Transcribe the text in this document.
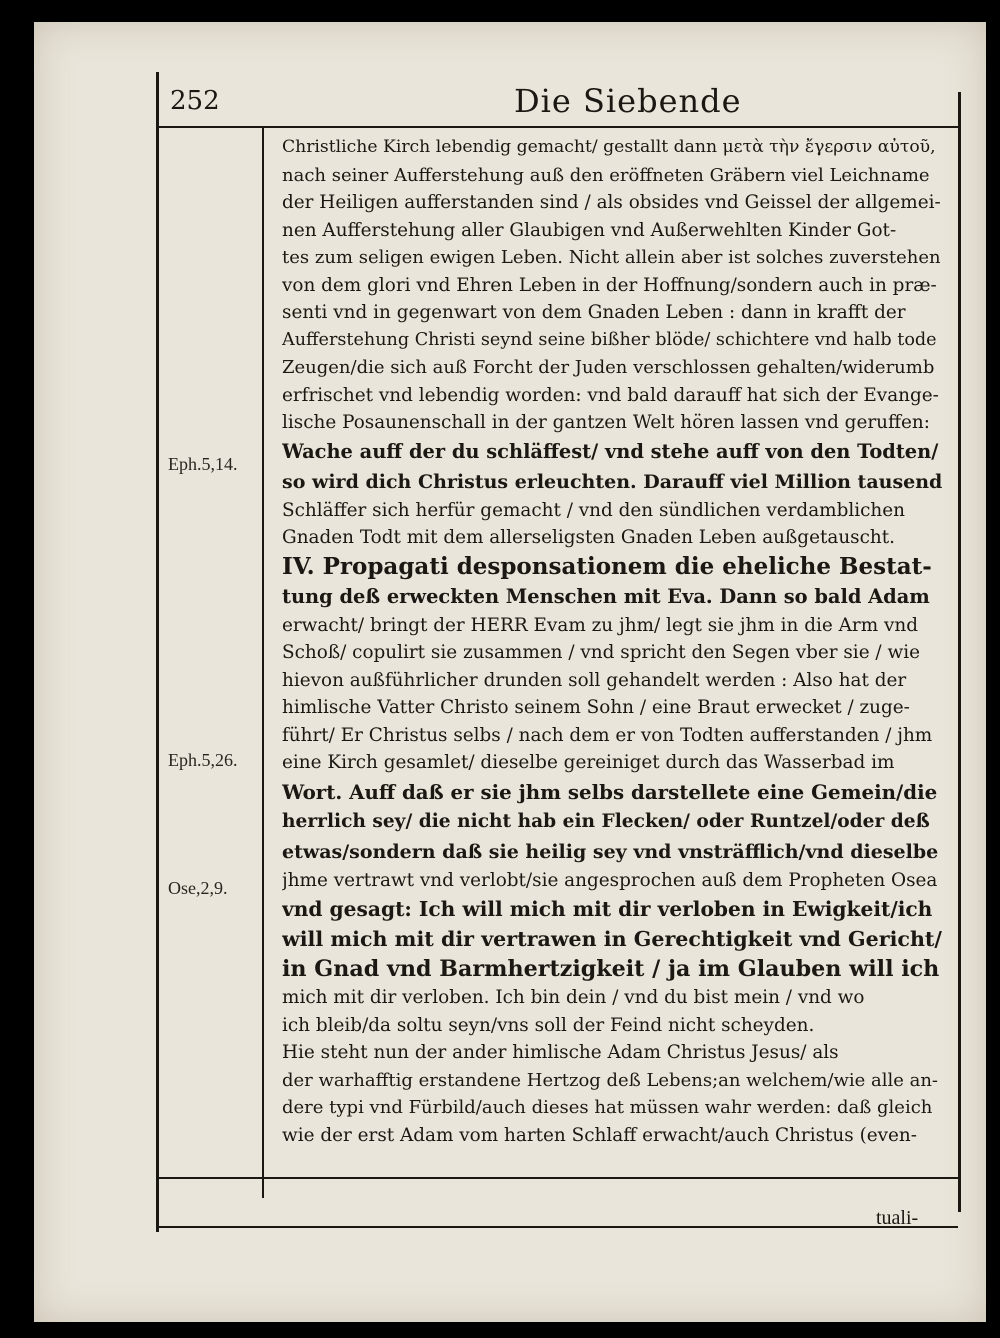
252	Die Siebende
Eph.5,14.
Eph.5,26.
Ose,2,9.
Christliche Kirch lebendig gemacht/ gestallt dann μετὰ τὴν ἔγερσιν αὐτοῦ,
nach seiner Aufferstehung auß den eröffneten Gräbern viel Leichname
der Heiligen aufferstanden sind / als obsides vnd Geissel der allgemei-
nen Aufferstehung aller Glaubigen vnd Außerwehlten Kinder Got-
tes zum seligen ewigen Leben. Nicht allein aber ist solches zuverstehen
von dem glori vnd Ehren Leben in der Hoffnung/sondern auch in præ-
senti vnd in gegenwart von dem Gnaden Leben : dann in krafft der
Aufferstehung Christi seynd seine bißher blöde/ schichtere vnd halb tode
Zeugen/die sich auß Forcht der Juden verschlossen gehalten/widerumb
erfrischet vnd lebendig worden: vnd bald darauff hat sich der Evange-
lische Posaunenschall in der gantzen Welt hören lassen vnd geruffen:
Wache auff der du schläffest/ vnd stehe auff von den Todten/
so wird dich Christus erleuchten. Darauff viel Million tausend
Schläffer sich herfür gemacht / vnd den sündlichen verdamblichen
Gnaden Todt mit dem allerseligsten Gnaden Leben außgetauscht.
IV. Propagati desponsationem die eheliche Bestat-
tung deß erweckten Menschen mit Eva. Dann so bald Adam
erwacht/ bringt der HERR Evam zu jhm/ legt sie jhm in die Arm vnd
Schoß/ copulirt sie zusammen / vnd spricht den Segen vber sie / wie
hievon außführlicher drunden soll gehandelt werden : Also hat der
himlische Vatter Christo seinem Sohn / eine Braut erwecket / zuge-
führt/ Er Christus selbs / nach dem er von Todten aufferstanden / jhm
eine Kirch gesamlet/ dieselbe gereiniget durch das Wasserbad im
Wort. Auff daß er sie jhm selbs darstellete eine Gemein/die
herrlich sey/ die nicht hab ein Flecken/ oder Runtzel/oder deß
etwas/sondern daß sie heilig sey vnd vnsträfflich/vnd dieselbe
jhme vertrawt vnd verlobt/sie angesprochen auß dem Propheten Osea
vnd gesagt: Ich will mich mit dir verloben in Ewigkeit/ich
will mich mit dir vertrawen in Gerechtigkeit vnd Gericht/
in Gnad vnd Barmhertzigkeit / ja im Glauben will ich
mich mit dir verloben. Ich bin dein / vnd du bist mein / vnd wo
ich bleib/da soltu seyn/vns soll der Feind nicht scheyden.
Hie steht nun der ander himlische Adam Christus Jesus/ als
der warhafftig erstandene Hertzog deß Lebens;an welchem/wie alle an-
dere typi vnd Fürbild/auch dieses hat müssen wahr werden: daß gleich
wie der erst Adam vom harten Schlaff erwacht/auch Christus (even-
tuali-
